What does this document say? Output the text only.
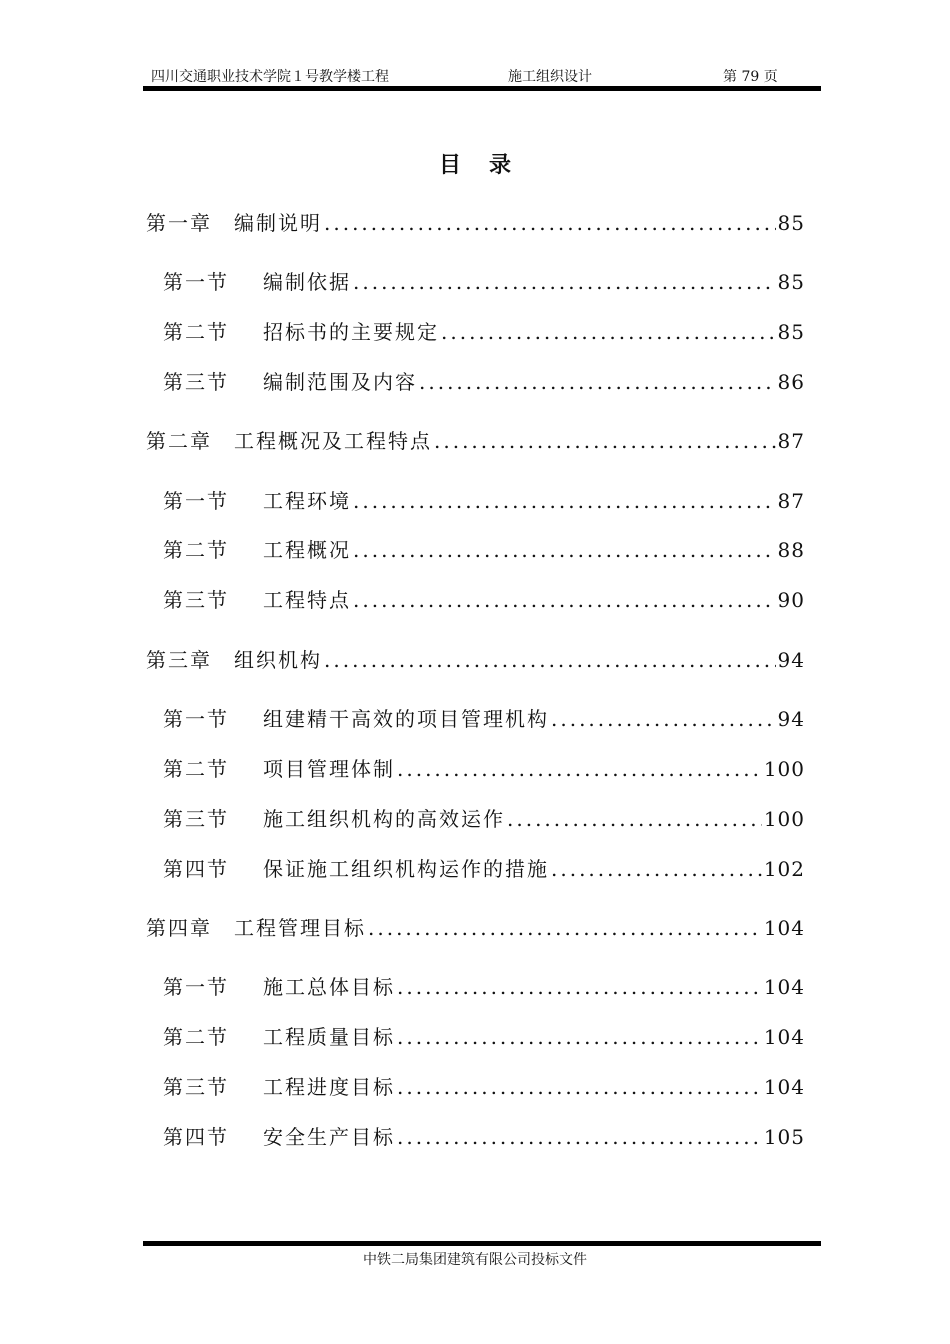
四川交通职业技术学院１号教学楼工程	施工组织设计	第 79 页
目录
第一章	编制说明 .....	85
第一节	编制依据 .....	85
第二节	招标书的主要规定 .....	85
第三节	编制范围及内容 .....	86
第二章	工程概况及工程特点 .....	87
第一节	工程环境 .....	87
第二节	工程概况 .....	88
第三节	工程特点 .....	90
第三章	组织机构 .....	94
第一节	组建精干高效的项目管理机构 .....	94
第二节	项目管理体制 .....	100
第三节	施工组织机构的高效运作 .....	100
第四节	保证施工组织机构运作的措施 .....	102
第四章	工程管理目标 .....	104
第一节	施工总体目标 .....	104
第二节	工程质量目标 .....	104
第三节	工程进度目标 .....	104
第四节	安全生产目标 .....	105
中铁二局集团建筑有限公司投标文件
